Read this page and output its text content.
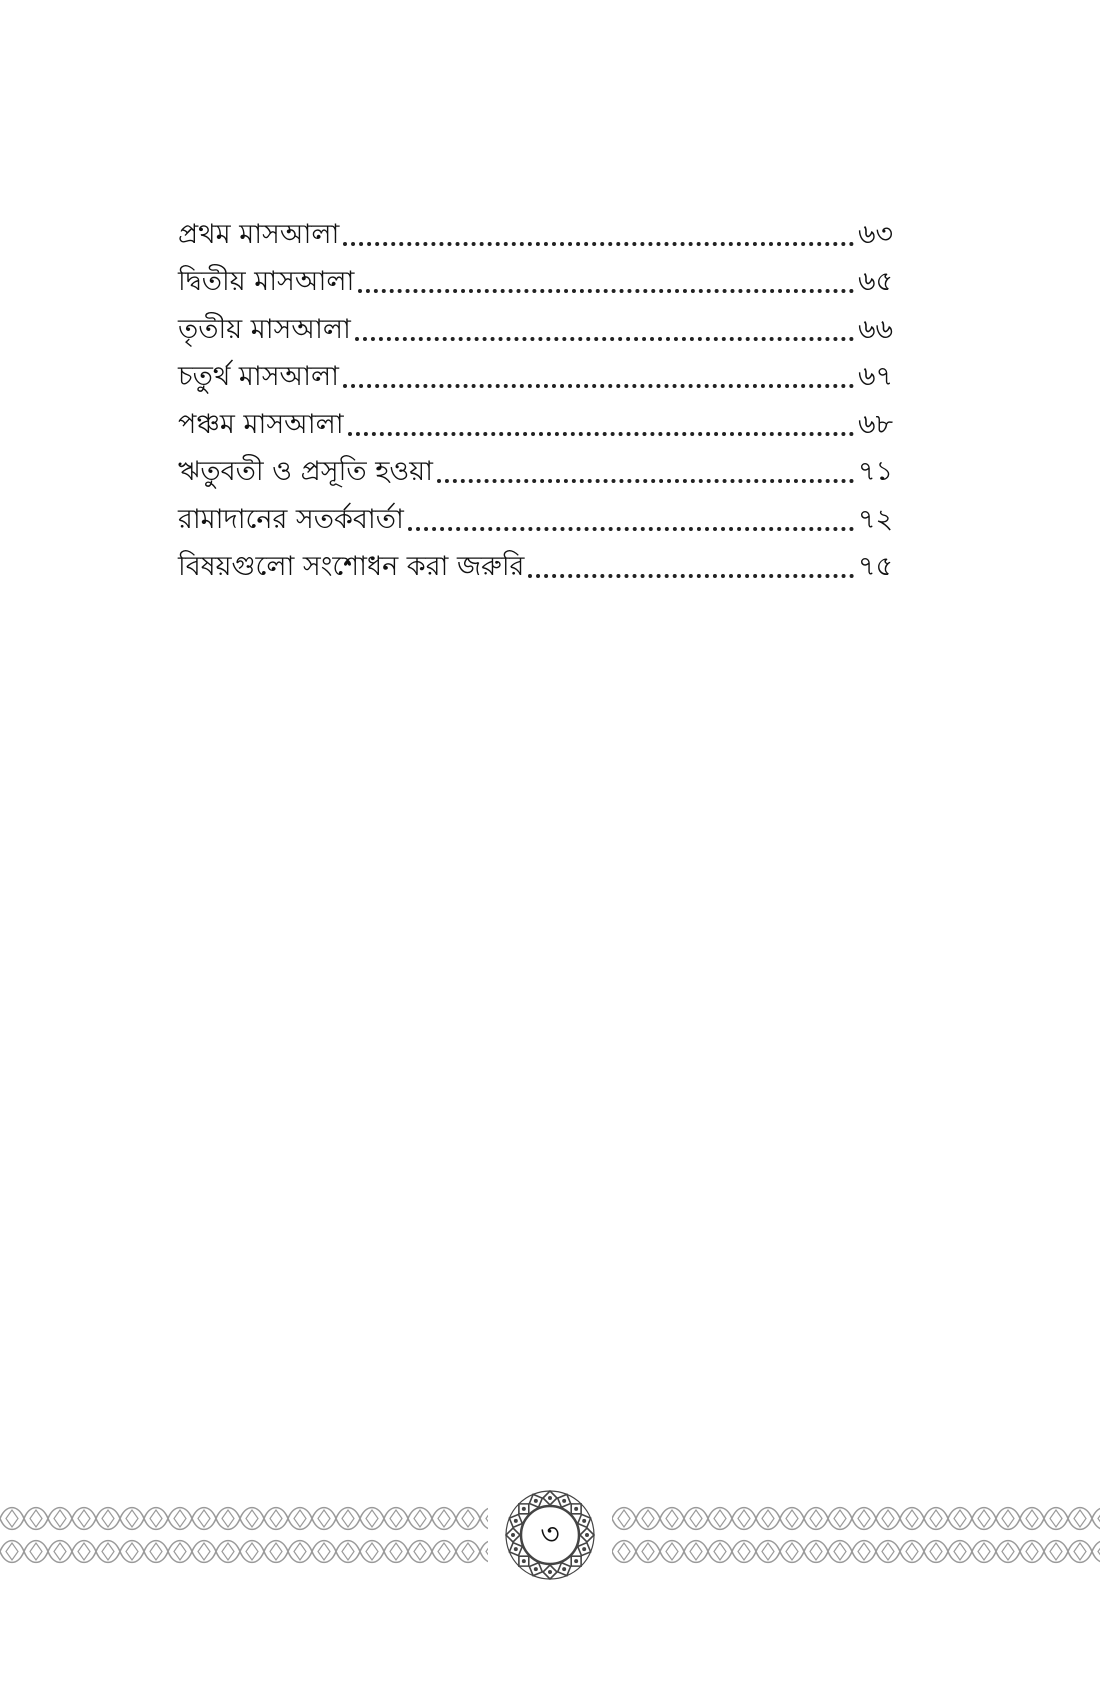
প্রথম মাসআলা	৬৩
দ্বিতীয় মাসআলা	৬৫
তৃতীয় মাসআলা	৬৬
চতুর্থ মাসআলা	৬৭
পঞ্চম মাসআলা	৬৮
ঋতুবতী ও প্রসূতি হওয়া	৭১
রামাদানের সতর্কবার্তা	৭২
বিষয়গুলো সংশোধন করা জরুরি	৭৫
৩
